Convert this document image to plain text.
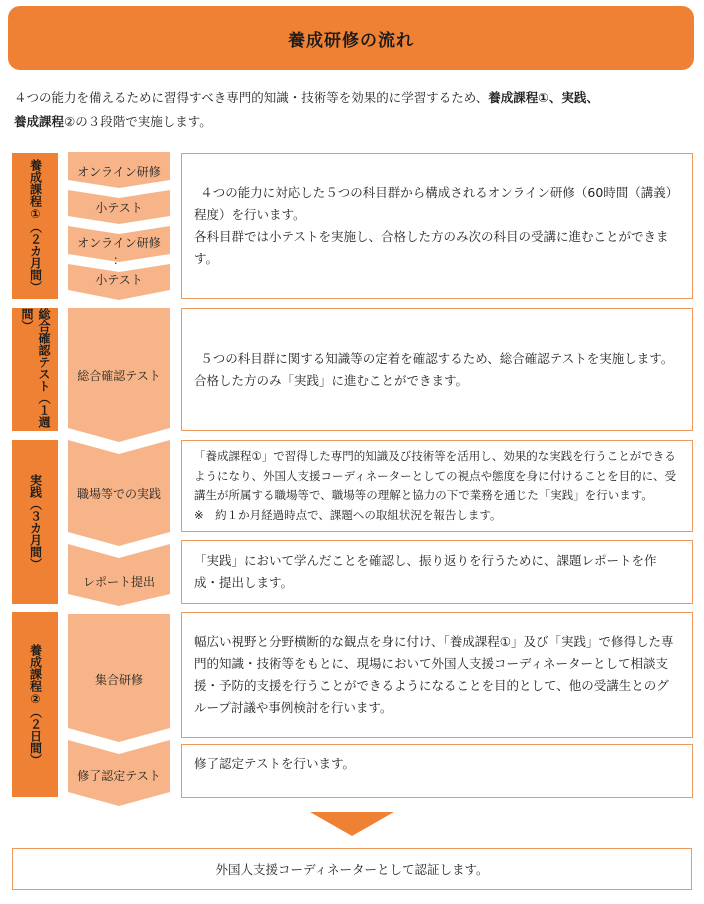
養成研修の流れ
４つの能力を備えるために習得すべき専門的知識・技術等を効果的に学習するため、養成課程①、実践、
養成課程②の３段階で実施します。
養成課程①（２カ月間）
総合確認テスト（１週間）
実践（３カ月間）
養成課程②（２日間）
オンライン研修
小テスト
オンライン研修
：
小テスト
総合確認テスト
職場等での実践
レポート提出
集合研修
修了認定テスト
４つの能力に対応した５つの科目群から構成されるオンライン研修（60時間（講義）程度）を行います。
各科目群では小テストを実施し、合格した方のみ次の科目の受講に進むことができます。
５つの科目群に関する知識等の定着を確認するため、総合確認テストを実施します。合格した方のみ「実践」に進むことができます。
「養成課程①」で習得した専門的知識及び技術等を活用し、効果的な実践を行うことができるようになり、外国人支援コーディネーターとしての視点や態度を身に付けることを目的に、受講生が所属する職場等で、職場等の理解と協力の下で業務を通じた「実践」を行います。
※　約１か月経過時点で、課題への取組状況を報告します。
「実践」において学んだことを確認し、振り返りを行うために、課題レポートを作成・提出します。
幅広い視野と分野横断的な観点を身に付け、「養成課程①」及び「実践」で修得した専門的知識・技術等をもとに、現場において外国人支援コーディネーターとして相談支援・予防的支援を行うことができるようになることを目的として、他の受講生とのグループ討議や事例検討を行います。
修了認定テストを行います。
外国人支援コーディネーターとして認証します。
